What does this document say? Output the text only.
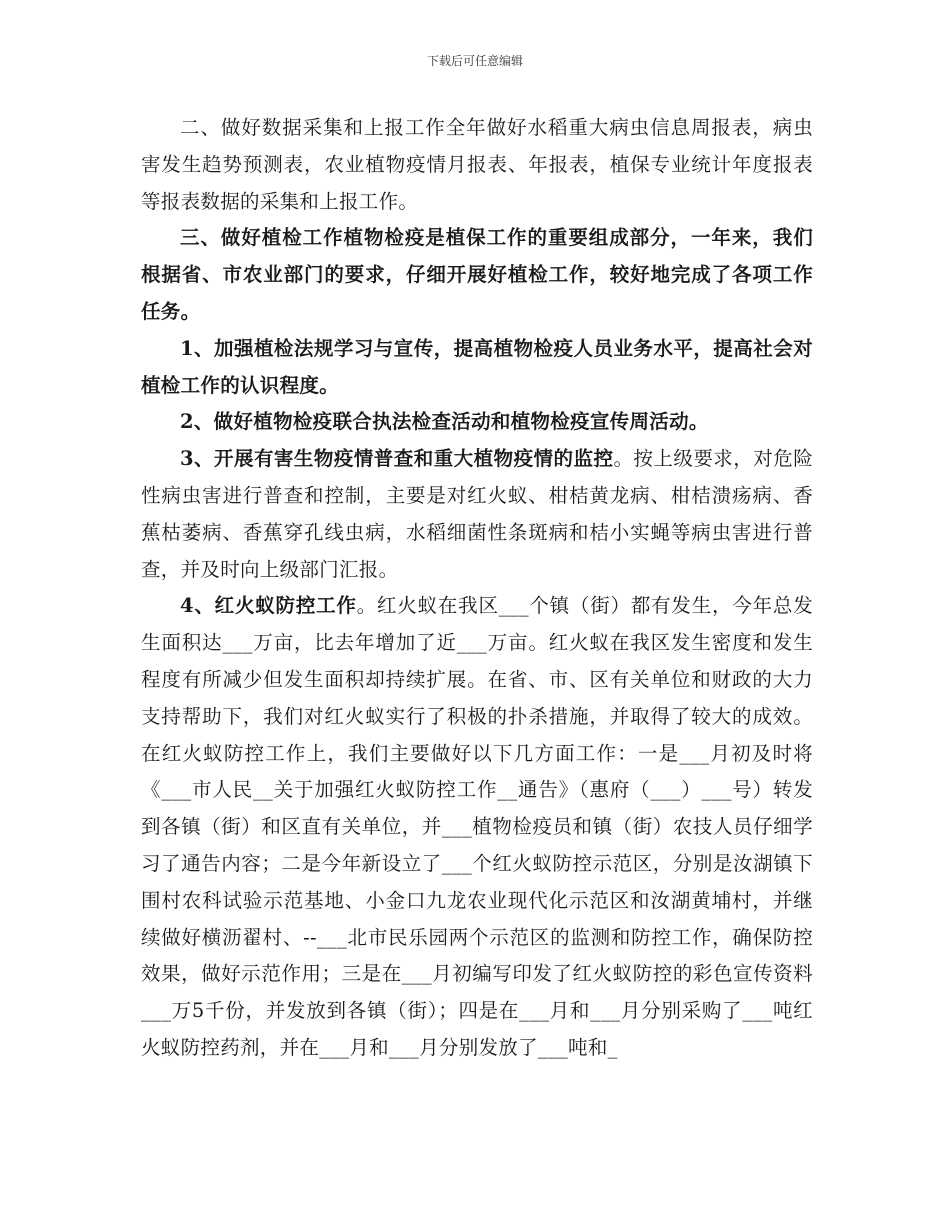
下载后可任意编辑

二、做好数据采集和上报工作全年做好水稻重大病虫信息周报表，病虫害发生趋势预测表，农业植物疫情月报表、年报表，植保专业统计年度报表等报表数据的采集和上报工作。

三、做好植检工作植物检疫是植保工作的重要组成部分，一年来，我们根据省、市农业部门的要求，仔细开展好植检工作，较好地完成了各项工作任务。

1、加强植检法规学习与宣传，提高植物检疫人员业务水平，提高社会对植检工作的认识程度。

2、做好植物检疫联合执法检查活动和植物检疫宣传周活动。

3、开展有害生物疫情普查和重大植物疫情的监控。按上级要求，对危险性病虫害进行普查和控制，主要是对红火蚁、柑桔黄龙病、柑桔溃疡病、香蕉枯萎病、香蕉穿孔线虫病，水稻细菌性条斑病和桔小实蝇等病虫害进行普查，并及时向上级部门汇报。

4、红火蚁防控工作。红火蚁在我区___个镇（街）都有发生，今年总发生面积达___万亩，比去年增加了近___万亩。红火蚁在我区发生密度和发生程度有所减少但发生面积却持续扩展。在省、市、区有关单位和财政的大力支持帮助下，我们对红火蚁实行了积极的扑杀措施，并取得了较大的成效。在红火蚁防控工作上，我们主要做好以下几方面工作：一是___月初及时将《___市人民__关于加强红火蚁防控工作__通告》（惠府（___）___号）转发到各镇（街）和区直有关单位，并___植物检疫员和镇（街）农技人员仔细学习了通告内容；二是今年新设立了___个红火蚁防控示范区，分别是汝湖镇下围村农科试验示范基地、小金口九龙农业现代化示范区和汝湖黄埔村，并继续做好横沥翟村、--___北市民乐园两个示范区的监测和防控工作，确保防控效果，做好示范作用；三是在___月初编写印发了红火蚁防控的彩色宣传资料___万5千份，并发放到各镇（街）；四是在___月和___月分别采购了___吨红火蚁防控药剂，并在___月和___月分别发放了___吨和_
